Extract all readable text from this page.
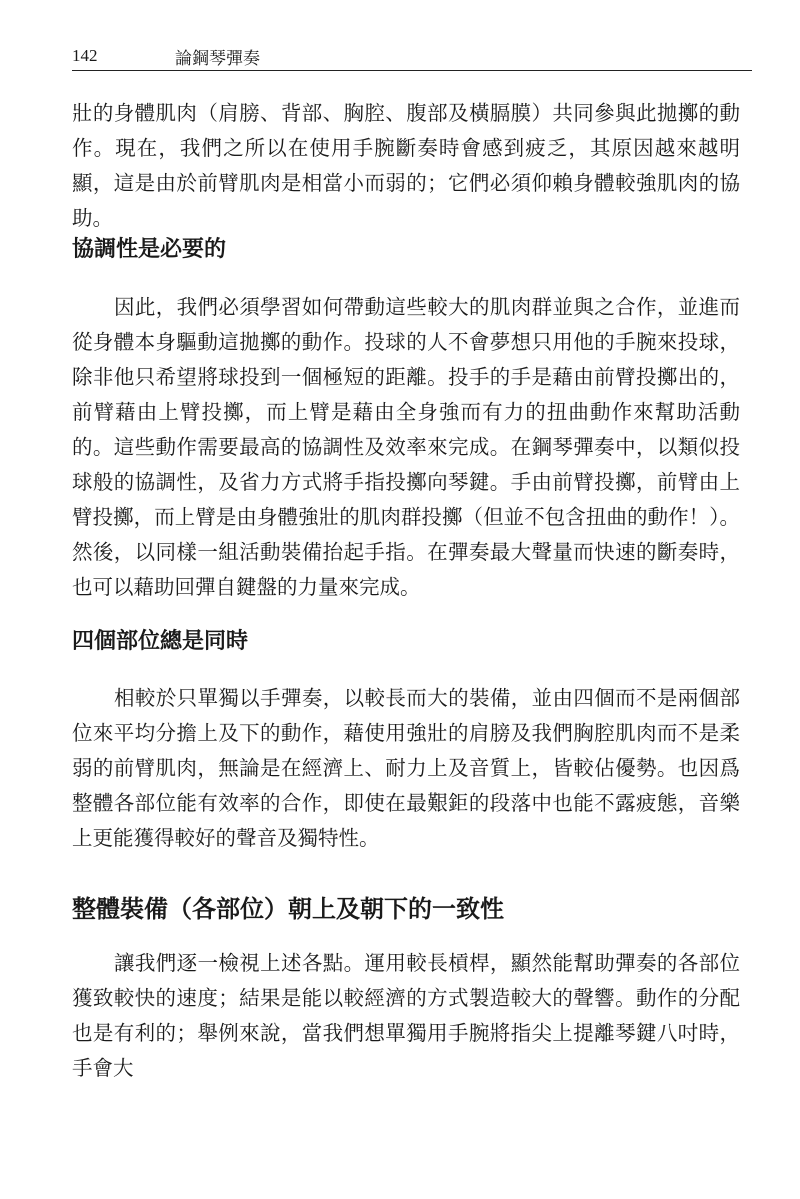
142	論鋼琴彈奏

壯的身體肌肉（肩膀、背部、胸腔、腹部及橫膈膜）共同參與此拋擲的動作。現在，我們之所以在使用手腕斷奏時會感到疲乏，其原因越來越明顯，這是由於前臂肌肉是相當小而弱的；它們必須仰賴身體較強肌肉的協助。

協調性是必要的

因此，我們必須學習如何帶動這些較大的肌肉群並與之合作，並進而從身體本身驅動這拋擲的動作。投球的人不會夢想只用他的手腕來投球，除非他只希望將球投到一個極短的距離。投手的手是藉由前臂投擲出的，前臂藉由上臂投擲，而上臂是藉由全身強而有力的扭曲動作來幫助活動的。這些動作需要最高的協調性及效率來完成。在鋼琴彈奏中，以類似投球般的協調性，及省力方式將手指投擲向琴鍵。手由前臂投擲，前臂由上臂投擲，而上臂是由身體強壯的肌肉群投擲（但並不包含扭曲的動作！）。然後，以同樣一組活動裝備抬起手指。在彈奏最大聲量而快速的斷奏時，也可以藉助回彈自鍵盤的力量來完成。

四個部位總是同時

相較於只單獨以手彈奏，以較長而大的裝備，並由四個而不是兩個部位來平均分擔上及下的動作，藉使用強壯的肩膀及我們胸腔肌肉而不是柔弱的前臂肌肉，無論是在經濟上、耐力上及音質上，皆較佔優勢。也因爲整體各部位能有效率的合作，即使在最艱鉅的段落中也能不露疲態，音樂上更能獲得較好的聲音及獨特性。

整體裝備（各部位）朝上及朝下的一致性

讓我們逐一檢視上述各點。運用較長槓桿，顯然能幫助彈奏的各部位獲致較快的速度；結果是能以較經濟的方式製造較大的聲響。動作的分配也是有利的；舉例來說，當我們想單獨用手腕將指尖上提離琴鍵八吋時，手會大
